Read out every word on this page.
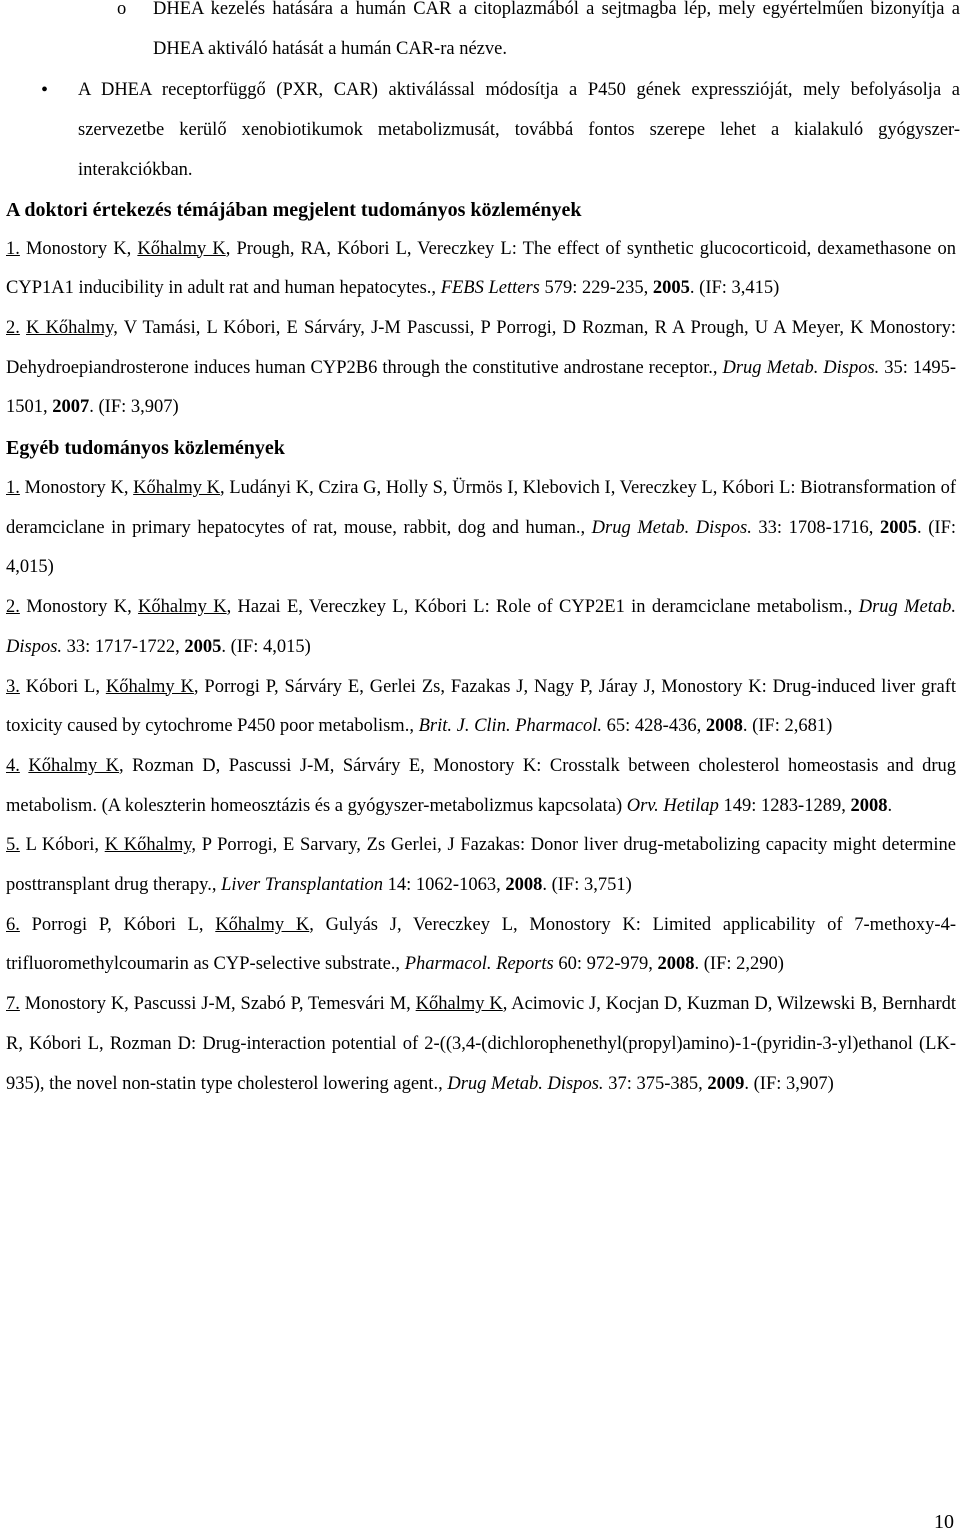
o DHEA kezelés hatására a humán CAR a citoplazmából a sejtmagba lép, mely egyértelműen bizonyítja a DHEA aktiváló hatását a humán CAR-ra nézve.

• A DHEA receptorfüggő (PXR, CAR) aktiválással módosítja a P450 gének expresszióját, mely befolyásolja a szervezetbe kerülő xenobiotikumok metabolizmusát, továbbá fontos szerepe lehet a kialakuló gyógyszer-interakciókban.

A doktori értekezés témájában megjelent tudományos közlemények

1. Monostory K, Kőhalmy K, Prough, RA, Kóbori L, Vereczkey L: The effect of synthetic glucocorticoid, dexamethasone on CYP1A1 inducibility in adult rat and human hepatocytes., FEBS Letters 579: 229-235, 2005. (IF: 3,415)

2. K Kőhalmy, V Tamási, L Kóbori, E Sárváry, J-M Pascussi, P Porrogi, D Rozman, R A Prough, U A Meyer, K Monostory: Dehydroepiandrosterone induces human CYP2B6 through the constitutive androstane receptor., Drug Metab. Dispos. 35: 1495-1501, 2007. (IF: 3,907)

Egyéb tudományos közlemények

1. Monostory K, Kőhalmy K, Ludányi K, Czira G, Holly S, Ürmös I, Klebovich I, Vereczkey L, Kóbori L: Biotransformation of deramciclane in primary hepatocytes of rat, mouse, rabbit, dog and human., Drug Metab. Dispos. 33: 1708-1716, 2005. (IF: 4,015)

2. Monostory K, Kőhalmy K, Hazai E, Vereczkey L, Kóbori L: Role of CYP2E1 in deramciclane metabolism., Drug Metab. Dispos. 33: 1717-1722, 2005. (IF: 4,015)

3. Kóbori L, Kőhalmy K, Porrogi P, Sárváry E, Gerlei Zs, Fazakas J, Nagy P, Járay J, Monostory K: Drug-induced liver graft toxicity caused by cytochrome P450 poor metabolism., Brit. J. Clin. Pharmacol. 65: 428-436, 2008. (IF: 2,681)

4. Kőhalmy K, Rozman D, Pascussi J-M, Sárváry E, Monostory K: Crosstalk between cholesterol homeostasis and drug metabolism. (A koleszterin homeosztázis és a gyógyszer-metabolizmus kapcsolata) Orv. Hetilap 149: 1283-1289, 2008.

5. L Kóbori, K Kőhalmy, P Porrogi, E Sarvary, Zs Gerlei, J Fazakas: Donor liver drug-metabolizing capacity might determine posttransplant drug therapy., Liver Transplantation 14: 1062-1063, 2008. (IF: 3,751)

6. Porrogi P, Kóbori L, Kőhalmy K, Gulyás J, Vereczkey L, Monostory K: Limited applicability of 7-methoxy-4-trifluoromethylcoumarin as CYP-selective substrate., Pharmacol. Reports 60: 972-979, 2008. (IF: 2,290)

7. Monostory K, Pascussi J-M, Szabó P, Temesvári M, Kőhalmy K, Acimovic J, Kocjan D, Kuzman D, Wilzewski B, Bernhardt R, Kóbori L, Rozman D: Drug-interaction potential of 2-((3,4-(dichlorophenethyl(propyl)amino)-1-(pyridin-3-yl)ethanol (LK-935), the novel non-statin type cholesterol lowering agent., Drug Metab. Dispos. 37: 375-385, 2009. (IF: 3,907)

10
